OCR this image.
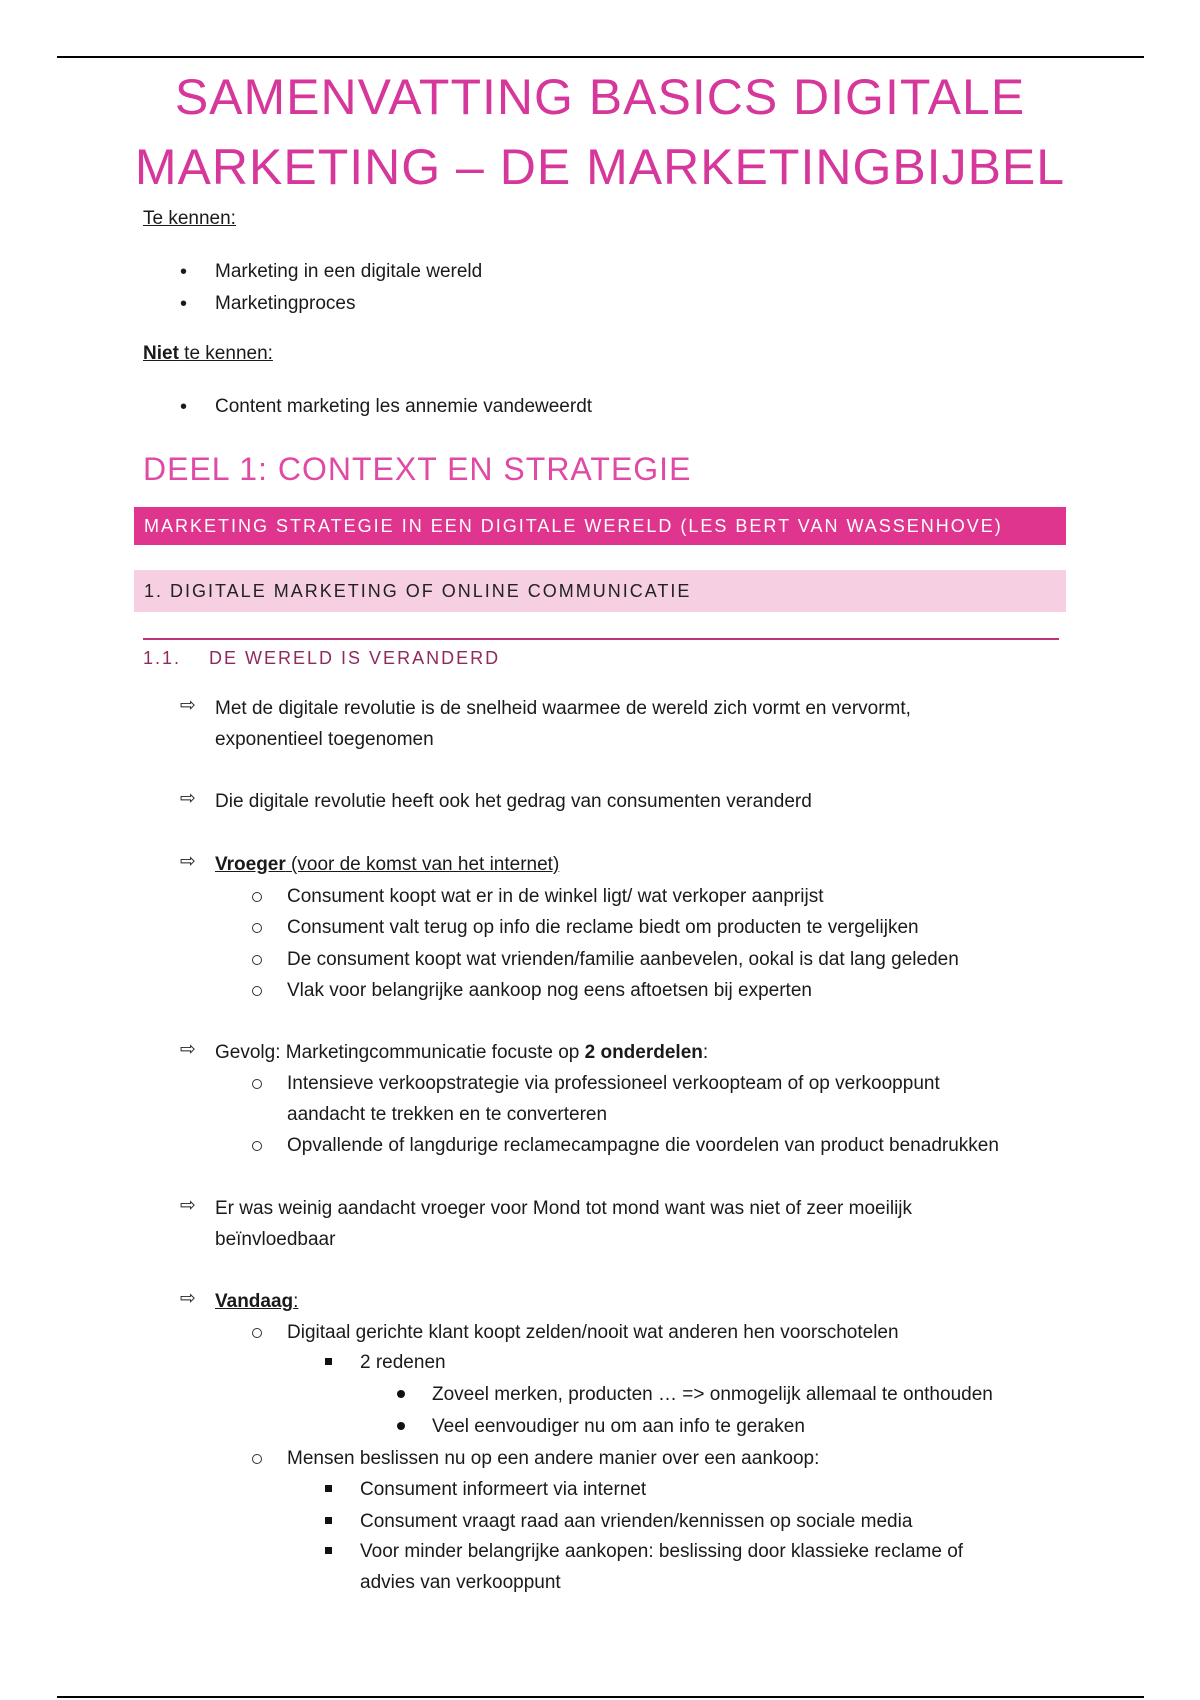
SAMENVATTING BASICS DIGITALE
MARKETING – DE MARKETINGBIJBEL
Te kennen:
• Marketing in een digitale wereld
• Marketingproces
Niet te kennen:
• Content marketing les annemie vandeweerdt
DEEL 1: CONTEXT EN STRATEGIE
MARKETING STRATEGIE IN EEN DIGITALE WERELD (LES BERT VAN WASSENHOVE)
1. DIGITALE MARKETING OF ONLINE COMMUNICATIE
1.1. DE WERELD IS VERANDERD
⇨ Met de digitale revolutie is de snelheid waarmee de wereld zich vormt en vervormt,
exponentieel toegenomen
⇨ Die digitale revolutie heeft ook het gedrag van consumenten veranderd
⇨ Vroeger (voor de komst van het internet)
Consument koopt wat er in de winkel ligt/ wat verkoper aanprijst
Consument valt terug op info die reclame biedt om producten te vergelijken
De consument koopt wat vrienden/familie aanbevelen, ookal is dat lang geleden
Vlak voor belangrijke aankoop nog eens aftoetsen bij experten
⇨ Gevolg: Marketingcommunicatie focuste op 2 onderdelen:
Intensieve verkoopstrategie via professioneel verkoopteam of op verkooppunt
aandacht te trekken en te converteren
Opvallende of langdurige reclamecampagne die voordelen van product benadrukken
⇨ Er was weinig aandacht vroeger voor Mond tot mond want was niet of zeer moeilijk
beïnvloedbaar
⇨ Vandaag:
Digitaal gerichte klant koopt zelden/nooit wat anderen hen voorschotelen
2 redenen
Zoveel merken, producten … => onmogelijk allemaal te onthouden
Veel eenvoudiger nu om aan info te geraken
Mensen beslissen nu op een andere manier over een aankoop:
Consument informeert via internet
Consument vraagt raad aan vrienden/kennissen op sociale media
Voor minder belangrijke aankopen: beslissing door klassieke reclame of
advies van verkooppunt
